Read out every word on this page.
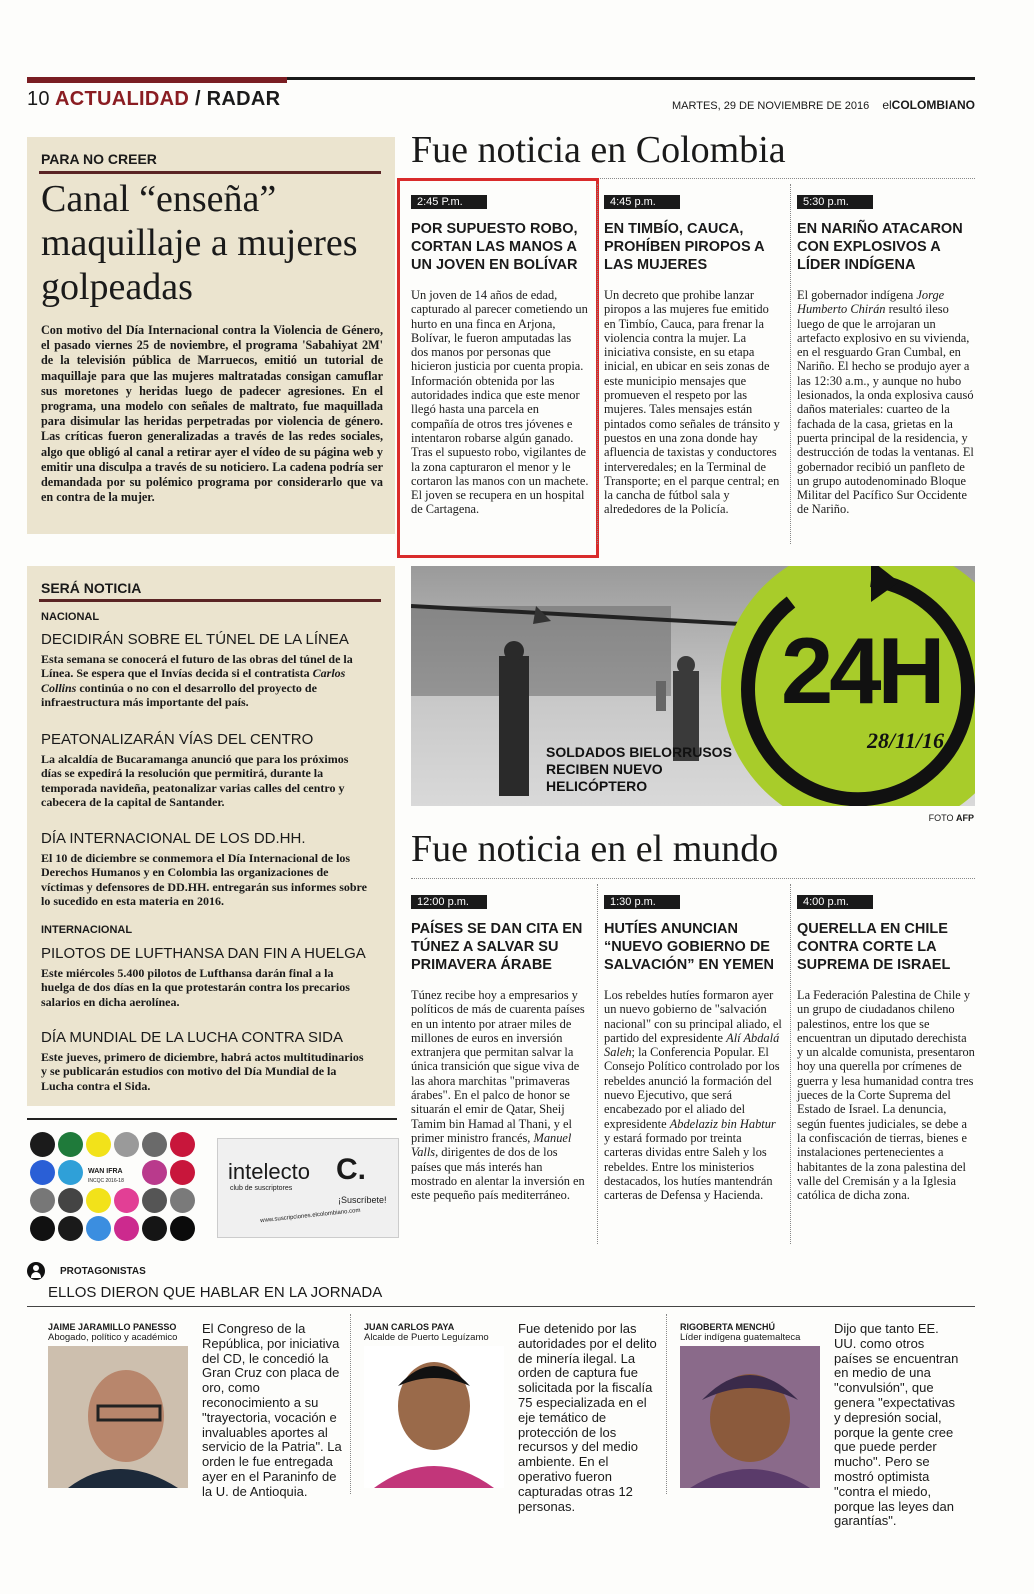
10 ACTUALIDAD / RADAR	MARTES, 29 DE NOVIEMBRE DE 2016 elCOLOMBIANO
PARA NO CREER
Canal “enseña” maquillaje a mujeres golpeadas
Con motivo del Día Internacional contra la Violencia de Género, el pasado viernes 25 de noviembre, el programa 'Sabahiyat 2M' de la televisión pública de Marruecos, emitió un tutorial de maquillaje para que las mujeres maltratadas consigan camuflar sus moretones y heridas luego de padecer agresiones. En el programa, una modelo con señales de maltrato, fue maquillada para disimular las heridas perpetradas por violencia de género. Las críticas fueron generalizadas a través de las redes sociales, algo que obligó al canal a retirar ayer el vídeo de su página web y emitir una disculpa a través de su noticiero. La cadena podría ser demandada por su polémico programa por considerarlo que va en contra de la mujer.
Fue noticia en Colombia
2:45 P.m.
POR SUPUESTO ROBO, CORTAN LAS MANOS A UN JOVEN EN BOLÍVAR
Un joven de 14 años de edad, capturado al parecer cometiendo un hurto en una finca en Arjona, Bolívar, le fueron amputadas las dos manos por personas que hicieron justicia por cuenta propia. Información obtenida por las autoridades indica que este menor llegó hasta una parcela en compañía de otros tres jóvenes e intentaron robarse algún ganado. Tras el supuesto robo, vigilantes de la zona capturaron el menor y le cortaron las manos con un machete. El joven se recupera en un hospital de Cartagena.
4:45 p.m.
EN TIMBÍO, CAUCA, PROHÍBEN PIROPOS A LAS MUJERES
Un decreto que prohibe lanzar piropos a las mujeres fue emitido en Timbío, Cauca, para frenar la violencia contra la mujer. La iniciativa consiste, en su etapa inicial, en ubicar en seis zonas de este municipio mensajes que promueven el respeto por las mujeres. Tales mensajes están pintados como señales de tránsito y puestos en una zona donde hay afluencia de taxistas y conductores interveredales; en la Terminal de Transporte; en el parque central; en la cancha de fútbol sala y alrededores de la Policía.
5:30 p.m.
EN NARIÑO ATACARON CON EXPLOSIVOS A LÍDER INDÍGENA
El gobernador indígena Jorge Humberto Chirán resultó ileso luego de que le arrojaran un artefacto explosivo en su vivienda, en el resguardo Gran Cumbal, en Nariño. El hecho se produjo ayer a las 12:30 a.m., y aunque no hubo lesionados, la onda explosiva causó daños materiales: cuarteo de la fachada de la casa, grietas en la puerta principal de la residencia, y destrucción de todas la ventanas. El gobernador recibió un panfleto de un grupo autodenominado Bloque Militar del Pacífico Sur Occidente de Nariño.
SERÁ NOTICIA
NACIONAL
DECIDIRÁN SOBRE EL TÚNEL DE LA LÍNEA
Esta semana se conocerá el futuro de las obras del túnel de la Línea. Se espera que el Invías decida si el contratista Carlos Collins continúa o no con el desarrollo del proyecto de infraestructura más importante del país.
PEATONALIZARÁN VÍAS DEL CENTRO
La alcaldía de Bucaramanga anunció que para los próximos días se expedirá la resolución que permitirá, durante la temporada navideña, peatonalizar varias calles del centro y cabecera de la capital de Santander.
DÍA INTERNACIONAL DE LOS DD.HH.
El 10 de diciembre se conmemora el Día Internacional de los Derechos Humanos y en Colombia las organizaciones de víctimas y defensores de DD.HH. entregarán sus informes sobre lo sucedido en esta materia en 2016.
INTERNACIONAL
PILOTOS DE LUFTHANSA DAN FIN A HUELGA
Este miércoles 5.400 pilotos de Lufthansa darán final a la huelga de dos días en la que protestarán contra los precarios salarios en dicha aerolínea.
DÍA MUNDIAL DE LA LUCHA CONTRA SIDA
Este jueves, primero de diciembre, habrá actos multitudinarios y se publicarán estudios con motivo del Día Mundial de la Lucha contra el Sida.
SOLDADOS BIELORRUSOS RECIBEN NUEVO HELICÓPTERO
24H
28/11/16
FOTO AFP
Fue noticia en el mundo
12:00 p.m.
PAÍSES SE DAN CITA EN TÚNEZ A SALVAR SU PRIMAVERA ÁRABE
Túnez recibe hoy a empresarios y políticos de más de cuarenta países en un intento por atraer miles de millones de euros en inversión extranjera que permitan salvar la única transición que sigue viva de las ahora marchitas "primaveras árabes". En el palco de honor se situarán el emir de Qatar, Sheij Tamim bin Hamad al Thani, y el primer ministro francés, Manuel Valls, dirigentes de dos de los países que más interés han mostrado en alentar la inversión en este pequeño país mediterráneo.
1:30 p.m.
HUTÍES ANUNCIAN “NUEVO GOBIERNO DE SALVACIÓN” EN YEMEN
Los rebeldes hutíes formaron ayer un nuevo gobierno de "salvación nacional" con su principal aliado, el partido del expresidente Alí Abdalá Saleh; la Conferencia Popular. El Consejo Político controlado por los rebeldes anunció la formación del nuevo Ejecutivo, que será encabezado por el aliado del expresidente Abdelaziz bin Habtur y estará formado por treinta carteras dividas entre Saleh y los rebeldes. Entre los ministerios destacados, los hutíes mantendrán carteras de Defensa y Hacienda.
4:00 p.m.
QUERELLA EN CHILE CONTRA CORTE LA SUPREMA DE ISRAEL
La Federación Palestina de Chile y un grupo de ciudadanos chileno palestinos, entre los que se encuentran un diputado derechista y un alcalde comunista, presentaron hoy una querella por crímenes de guerra y lesa humanidad contra tres jueces de la Corte Suprema del Estado de Israel. La denuncia, según fuentes judiciales, se debe a la confiscación de tierras, bienes e instalaciones pertenecientes a habitantes de la zona palestina del valle del Cremisán y a la Iglesia católica de dicha zona.
WAN IFRA
INCQC 2016-18	intelecto C.
club de suscriptores
¡Suscríbete!
www.suscripciones.elcolombiano.com
PROTAGONISTAS
ELLOS DIERON QUE HABLAR EN LA JORNADA
JAIME JARAMILLO PANESSO
Abogado, político y académico
El Congreso de la República, por iniciativa del CD, le concedió la Gran Cruz con placa de oro, como reconocimiento a su "trayectoria, vocación e invaluables aportes al servicio de la Patria". La orden le fue entregada ayer en el Paraninfo de la U. de Antioquia.
JUAN CARLOS PAYA
Alcalde de Puerto Leguízamo
Fue detenido por las autoridades por el delito de minería ilegal. La orden de captura fue solicitada por la fiscalía 75 especializada en el eje temático de protección de los recursos y del medio ambiente. En el operativo fueron capturadas otras 12 personas.
RIGOBERTA MENCHÚ
Líder indígena guatemalteca
Dijo que tanto EE. UU. como otros países se encuentran en medio de una "convulsión", que genera "expectativas y depresión social, porque la gente cree que puede perder mucho". Pero se mostró optimista "contra el miedo, porque las leyes dan garantías".
